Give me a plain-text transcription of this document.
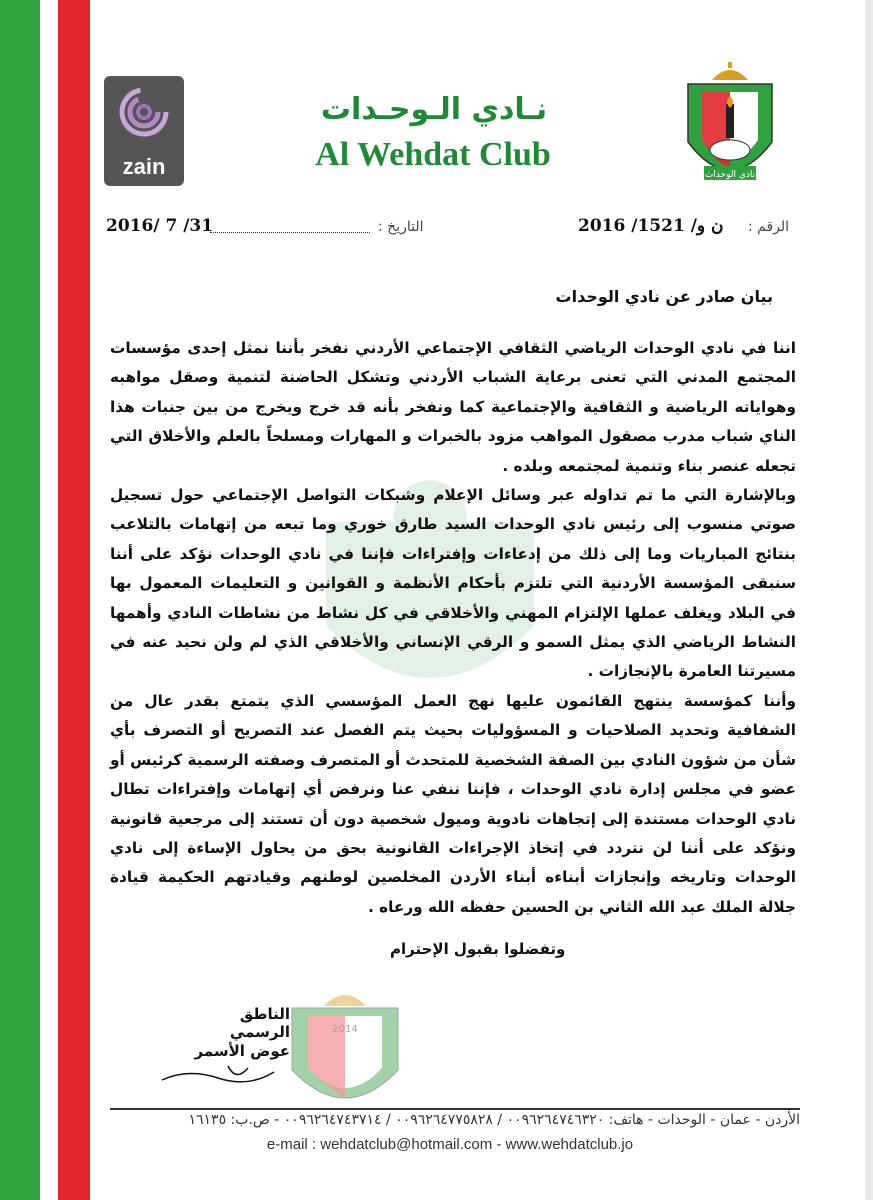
zain
نـادي الـوحـدات
Al Wehdat Club
نادي الوحدات
2016/ 7 /31	التاريخ :	ن و/ 1521/ 2016 الرقم :
بيان صادر عن نادي الوحدات

اننا في نادي الوحدات الرياضي الثقافي الإجتماعي الأردني نفخر بأننا نمثل إحدى مؤسسات المجتمع المدني التي تعنى برعاية الشباب الأردني وتشكل الحاضنة لتنمية وصقل مواهبه وهواياته الرياضية و الثقافية والإجتماعية كما ونفخر بأنه قد خرج ويخرج من بين جنبات هذا الناي شباب مدرب مصقول المواهب مزود بالخبرات و المهارات ومسلحاً بالعلم والأخلاق التي تجعله عنصر بناء وتنمية لمجتمعه وبلده .

وبالإشارة التي ما تم تداوله عبر وسائل الإعلام وشبكات التواصل الإجتماعي حول تسجيل صوتي منسوب إلى رئيس نادي الوحدات السيد طارق خوري وما تبعه من إتهامات بالتلاعب بنتائج المباريات وما إلى ذلك من إدعاءات وإفتراءات فإننا في نادي الوحدات نؤكد على أننا سنبقى المؤسسة الأردنية التي تلتزم بأحكام الأنظمة و القوانين و التعليمات المعمول بها في البلاد ويغلف عملها الإلتزام المهني والأخلاقي في كل نشاط من نشاطات النادي وأهمها النشاط الرياضي الذي يمثل السمو و الرقي الإنساني والأخلاقي الذي لم ولن نحيد عنه في مسيرتنا العامرة بالإنجازات .

وأننا كمؤسسة ينتهج القائمون عليها نهج العمل المؤسسي الذي يتمتع بقدر عال من الشفافية وتحديد الصلاحيات و المسؤوليات بحيث يتم الفصل عند التصريح أو التصرف بأي شأن من شؤون النادي بين الصفة الشخصية للمتحدث أو المتصرف وصفته الرسمية كرئيس أو عضو في مجلس إدارة نادي الوحدات ، فإننا ننفي عنا ونرفض أي إتهامات وإفتراءات تطال نادي الوحدات مستندة إلى إتجاهات نادوية وميول شخصية دون أن تستند إلى مرجعية قانونية ونؤكد على أننا لن نتردد في إتخاذ الإجراءات القانونية بحق من يحاول الإساءة إلى نادي الوحدات وتاريخه وإنجازات أبناءه أبناء الأردن المخلصين لوطنهم وقيادتهم الحكيمة قيادة جلالة الملك عبد الله الثاني بن الحسين حفظه الله ورعاه .

وتفضلوا بقبول الإحترام
2014
الناطق الرسمي
عوض الأسمر
الأردن - عمان - الوحدات - هاتف: ٠٠٩٦٢٦٤٧٤٦٣٢٠ / ٠٠٩٦٢٦٤٧٧٥٨٢٨ / ٠٠٩٦٢٦٤٧٤٣٧١٤ - ص.ب: ١٦١٣٥
e-mail : wehdatclub@hotmail.com - www.wehdatclub.jo
